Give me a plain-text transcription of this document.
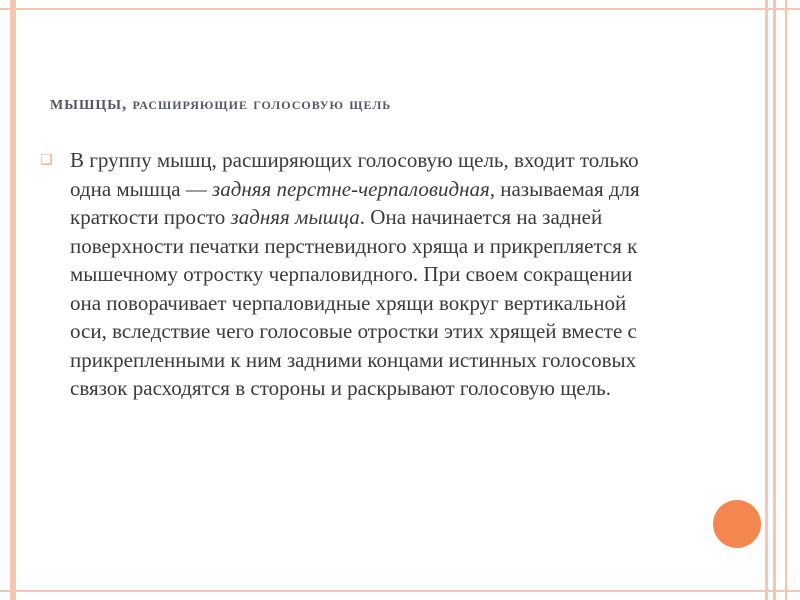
мышцы, расширяющие голосовую щель
❑ В группу мышц, расширяющих голосовую щель, входит только одна мышца — задняя перстне-черпаловидная, называемая для краткости просто задняя мышца. Она начинается на задней поверхности печатки перстневидного хряща и прикрепляется к мышечному отростку черпаловидного. При своем сокращении она поворачивает черпаловидные хрящи вокруг вертикальной оси, вследствие чего голосовые отростки этих хрящей вместе с прикрепленными к ним задними концами истинных голосовых связок расходятся в стороны и раскрывают голосовую щель.
